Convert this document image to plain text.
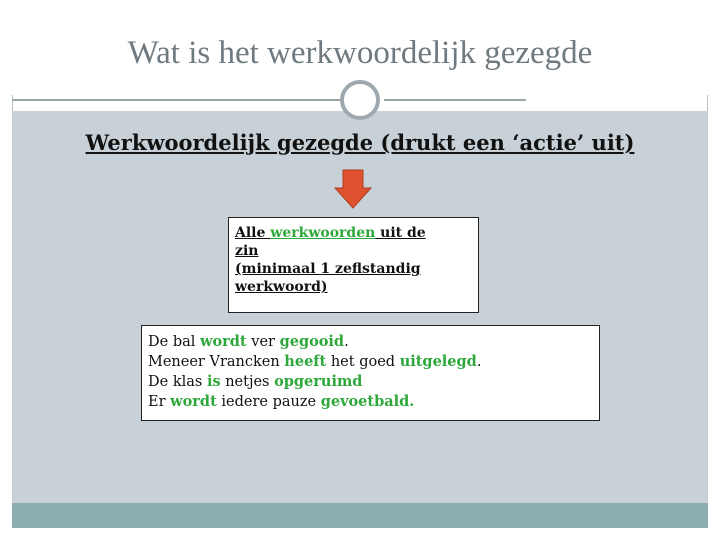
Wat is het werkwoordelijk gezegde
Werkwoordelijk gezegde (drukt een ‘actie’ uit)
Alle werkwoorden uit de
zin
(minimaal 1 zeflstandig
werkwoord)
De bal wordt ver gegooid.
Meneer Vrancken heeft het goed uitgelegd.
De klas is netjes opgeruimd
Er wordt iedere pauze gevoetbald.
